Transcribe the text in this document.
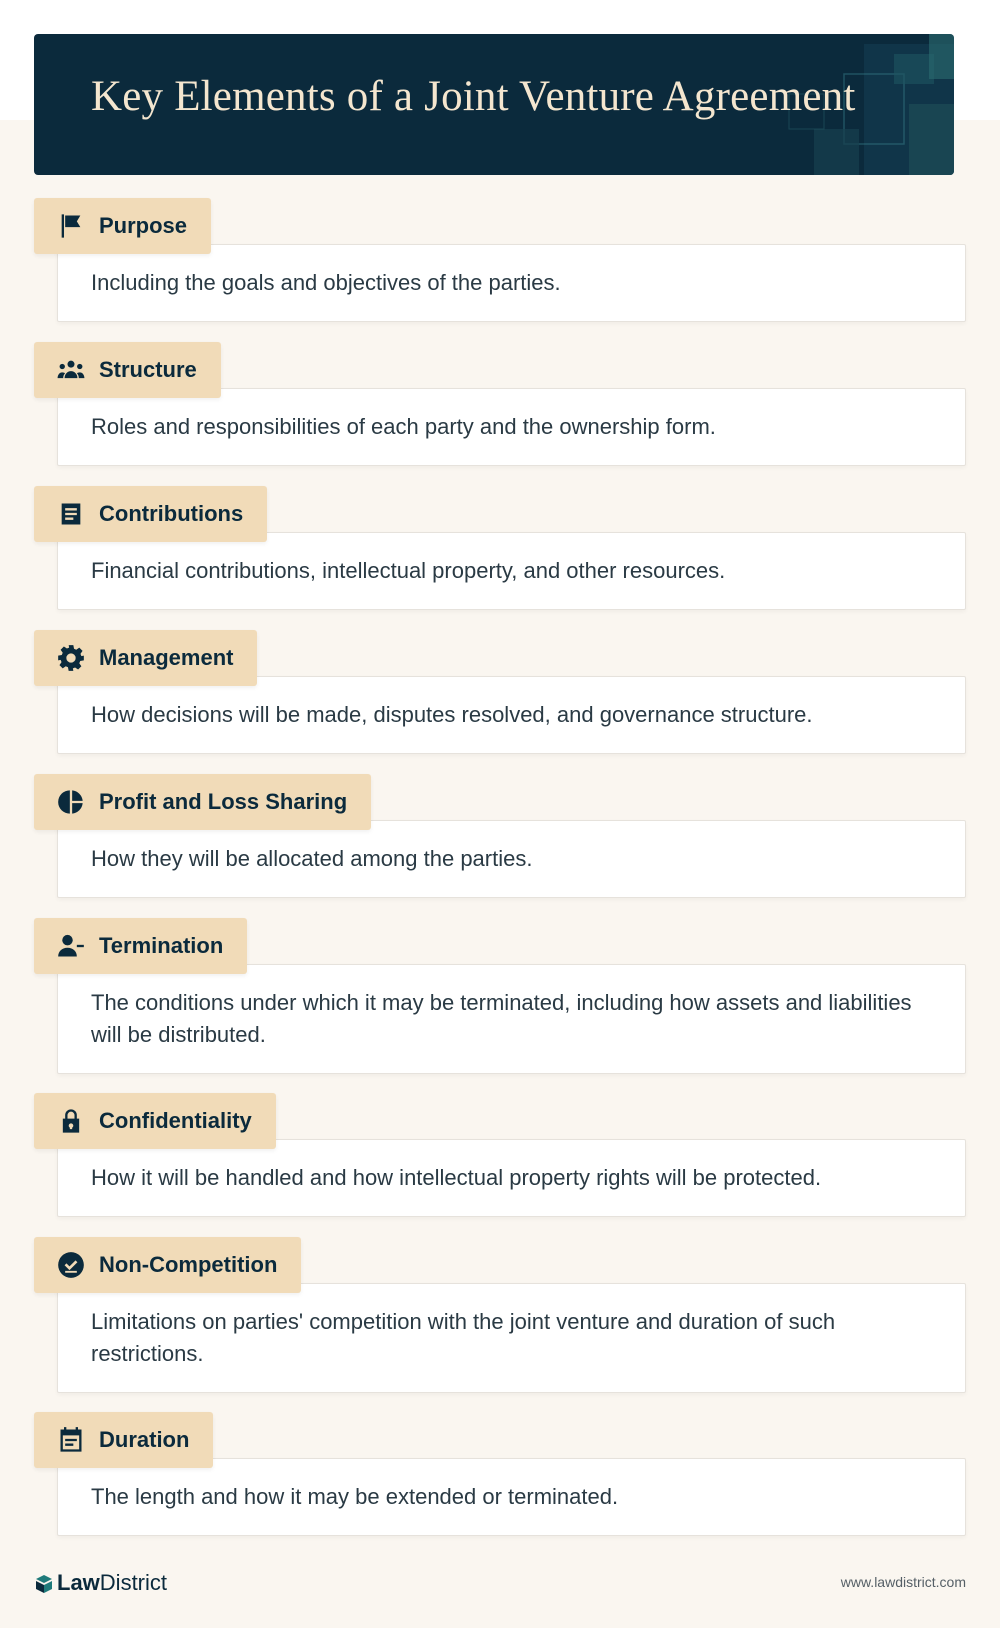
Key Elements of a Joint Venture Agreement
Purpose
Including the goals and objectives of the parties.
Structure
Roles and responsibilities of each party and the ownership form.
Contributions
Financial contributions, intellectual property, and other resources.
Management
How decisions will be made, disputes resolved, and governance structure.
Profit and Loss Sharing
How they will be allocated among the parties.
Termination
The conditions under which it may be terminated, including how assets and liabilities will be distributed.
Confidentiality
How it will be handled and how intellectual property rights will be protected.
Non-Competition
Limitations on parties' competition with the joint venture and duration of such restrictions.
Duration
The length and how it may be extended or terminated.
LawDistrict	www.lawdistrict.com
